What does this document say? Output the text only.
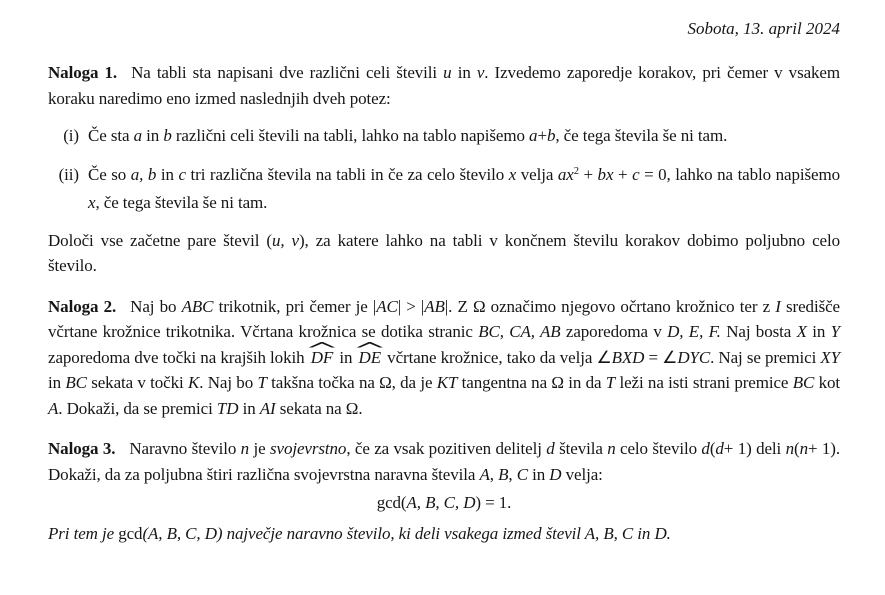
Sobota, 13. april 2024

Naloga 1. Na tabli sta napisani dve različni celi števili u in v. Izvedemo zaporedje korakov, pri čemer v vsakem koraku naredimo eno izmed naslednjih dveh potez:

(i) Če sta a in b različni celi števili na tabli, lahko na tablo napišemo a+b, če tega števila še ni tam.
(ii) Če so a, b in c tri različna števila na tabli in če za celo število x velja $ax^2$ + bx + c = 0, lahko na tablo napišemo x, če tega števila še ni tam.

Določi vse začetne pare števil (u, v), za katere lahko na tabli v končnem številu korakov dobimo poljubno celo število.

Naloga 2. Naj bo ABC trikotnik, pri čemer je |AC| > |AB|. Z Ω označimo njegovo očrtano krožnico ter z I središče včrtane krožnice trikotnika. Včrtana krožnica se dotika stranic BC, CA, AB zaporedoma v D, E, F. Naj bosta X in Y zaporedoma dve točki na krajših lokih DF in DE včrtane krožnice, tako da velja ∠BXD = ∠DYC. Naj se premici XY in BC sekata v točki K. Naj bo T takšna točka na Ω, da je KT tangentna na Ω in da T leži na isti strani premice BC kot A. Dokaži, da se premici TD in AI sekata na Ω.

Naloga 3. Naravno število n je svojevrstno, če za vsak pozitiven delitelj d števila n celo število d(d+ 1) deli n(n+ 1). Dokaži, da za poljubna štiri različna svojevrstna naravna števila A, B, C in D velja:

gcd(A, B, C, D) = 1.

Pri tem je gcd(A, B, C, D) največje naravno število, ki deli vsakega izmed števil A, B, C in D.
